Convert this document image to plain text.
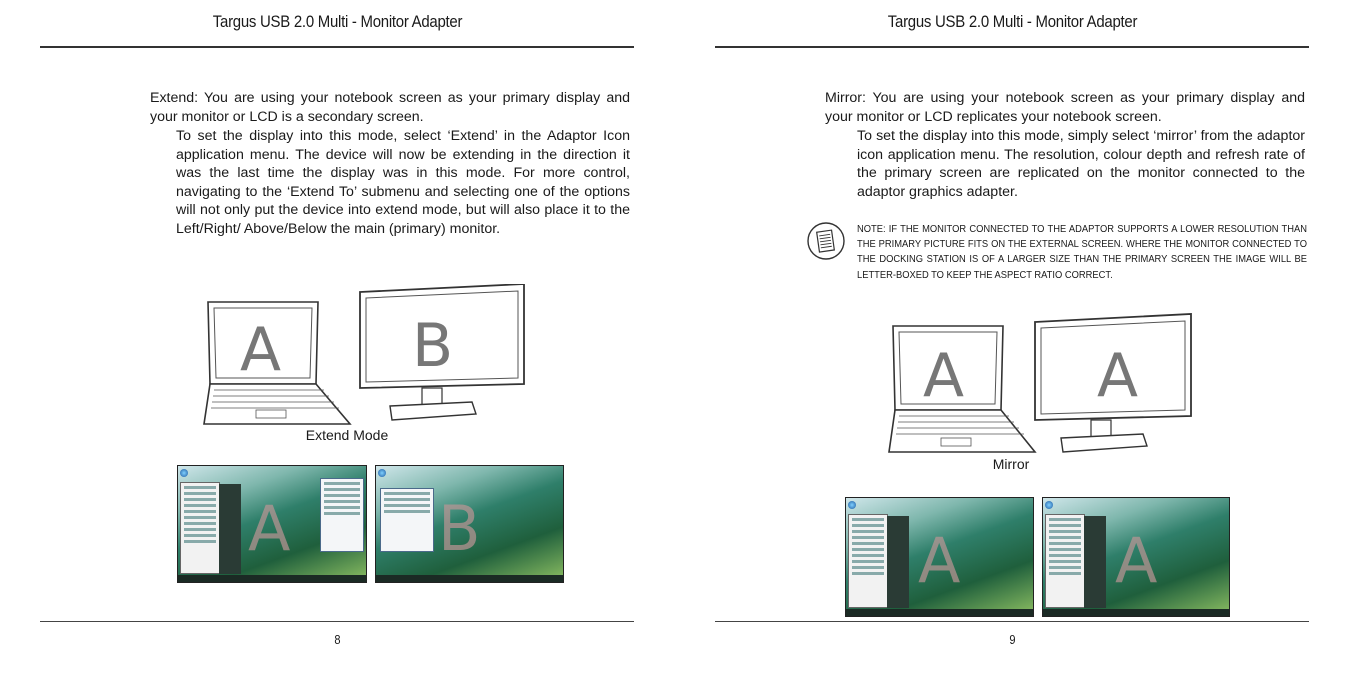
Targus USB 2.0 Multi - Monitor Adapter
Extend: You are using your notebook screen as your primary display and your monitor or LCD is a secondary screen.
To set the display into this mode, select ‘Extend’ in the Adaptor Icon application menu. The device will now be extending in the direction it was the last time the display was in this mode. For more control, navigating to the ‘Extend To’ submenu and selecting one of the options will not only put the device into extend mode, but will also place it to the Left/Right/ Above/Below the main (primary) monitor.
A B
Extend Mode
A B
8
Targus USB 2.0 Multi - Monitor Adapter
Mirror: You are using your notebook screen as your primary display and your monitor or LCD replicates your notebook screen.
To set the display into this mode, simply select ‘mirror’ from the adaptor icon application menu. The resolution, colour depth and refresh rate of the primary screen are replicated on the monitor connected to the adaptor graphics adapter.
NOTE: IF THE MONITOR CONNECTED TO THE ADAPTOR SUPPORTS A LOWER RESOLUTION THAN THE PRIMARY PICTURE FITS ON THE EXTERNAL SCREEN. WHERE THE MONITOR CONNECTED TO THE DOCKING STATION IS OF A LARGER SIZE THAN THE PRIMARY SCREEN THE IMAGE WILL BE LETTER-BOXED TO KEEP THE ASPECT RATIO CORRECT.
A A
Mirror
A A
9
